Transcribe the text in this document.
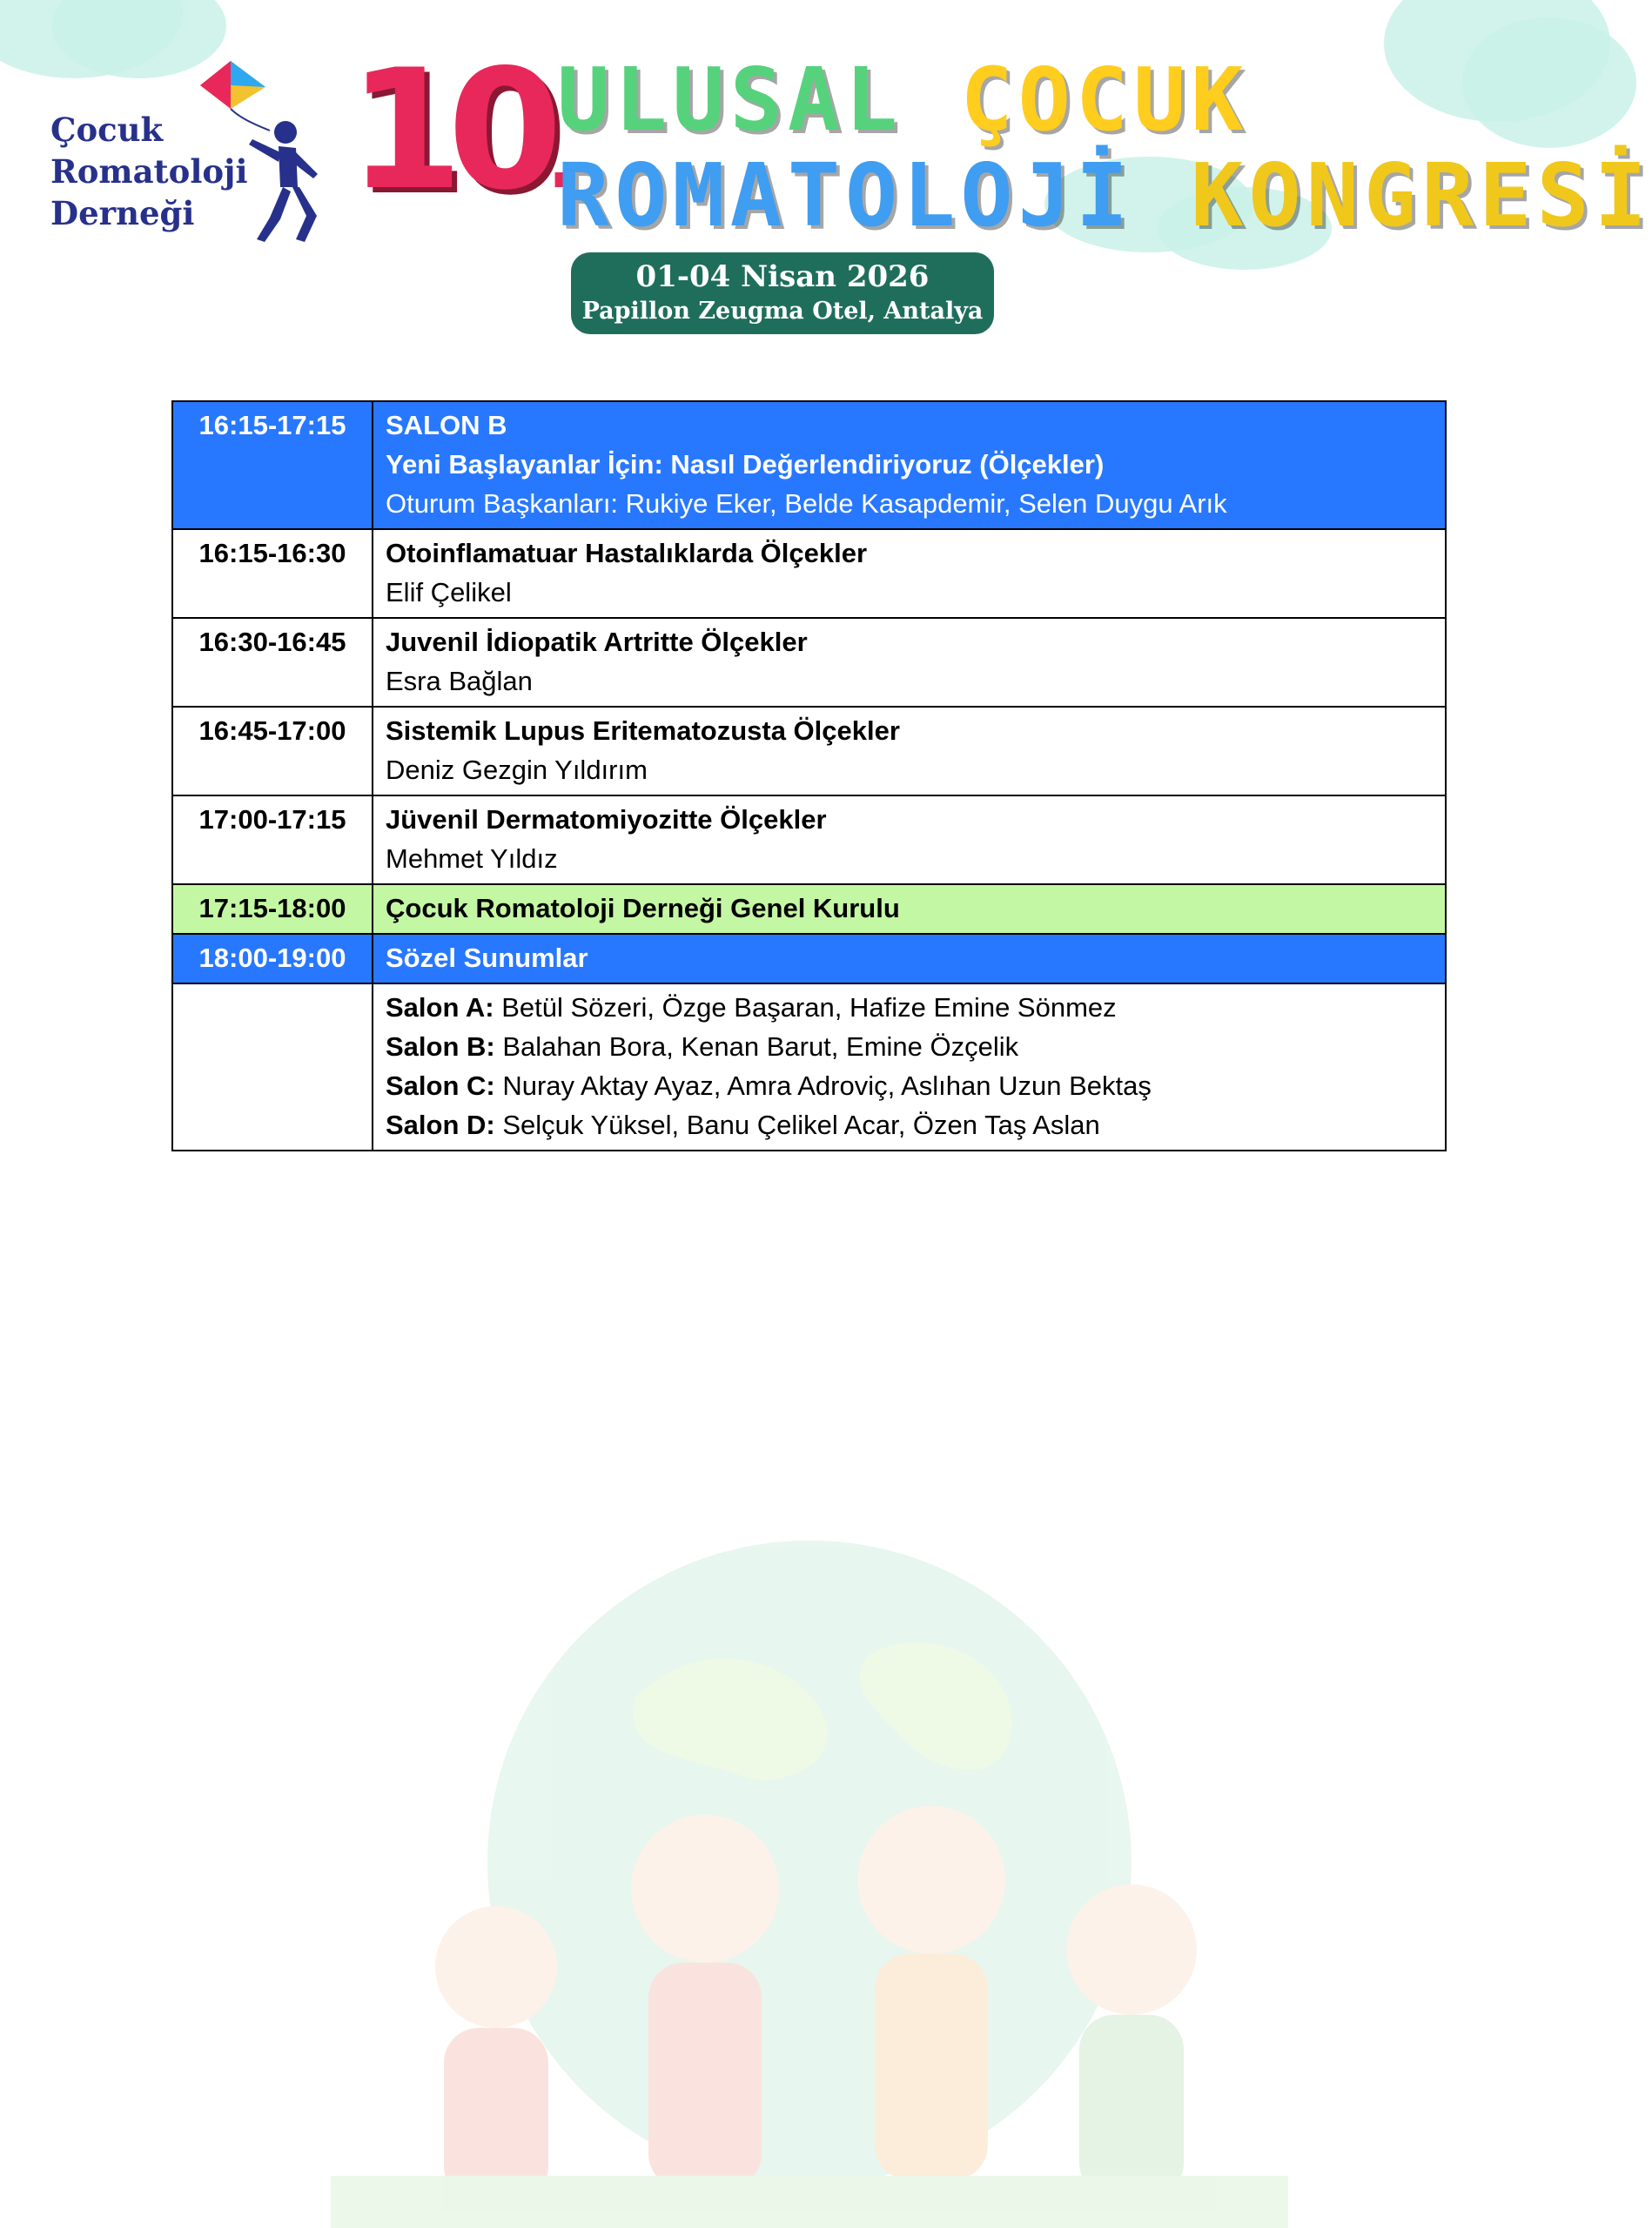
Çocuk
Romatoloji
Derneği 10.
ULUSAL ÇOCUK
ROMATOLOJİ KONGRESİ
01-04 Nisan 2026
Papillon Zeugma Otel, Antalya
16:15-17:15	SALON B
Yeni Başlayanlar İçin: Nasıl Değerlendiriyoruz (Ölçekler)
Oturum Başkanları: Rukiye Eker, Belde Kasapdemir, Selen Duygu Arık

16:15-16:30	Otoinflamatuar Hastalıklarda Ölçekler
Elif Çelikel

16:30-16:45	Juvenil İdiopatik Artritte Ölçekler
Esra Bağlan

16:45-17:00	Sistemik Lupus Eritematozusta Ölçekler
Deniz Gezgin Yıldırım

17:00-17:15	Jüvenil Dermatomiyozitte Ölçekler
Mehmet Yıldız

17:15-18:00	Çocuk Romatoloji Derneği Genel Kurulu
18:00-19:00	Sözel Sunumlar

	Salon A: Betül Sözeri, Özge Başaran, Hafize Emine Sönmez
Salon B: Balahan Bora, Kenan Barut, Emine Özçelik
Salon C: Nuray Aktay Ayaz, Amra Adroviç, Aslıhan Uzun Bektaş
Salon D: Selçuk Yüksel, Banu Çelikel Acar, Özen Taş Aslan
